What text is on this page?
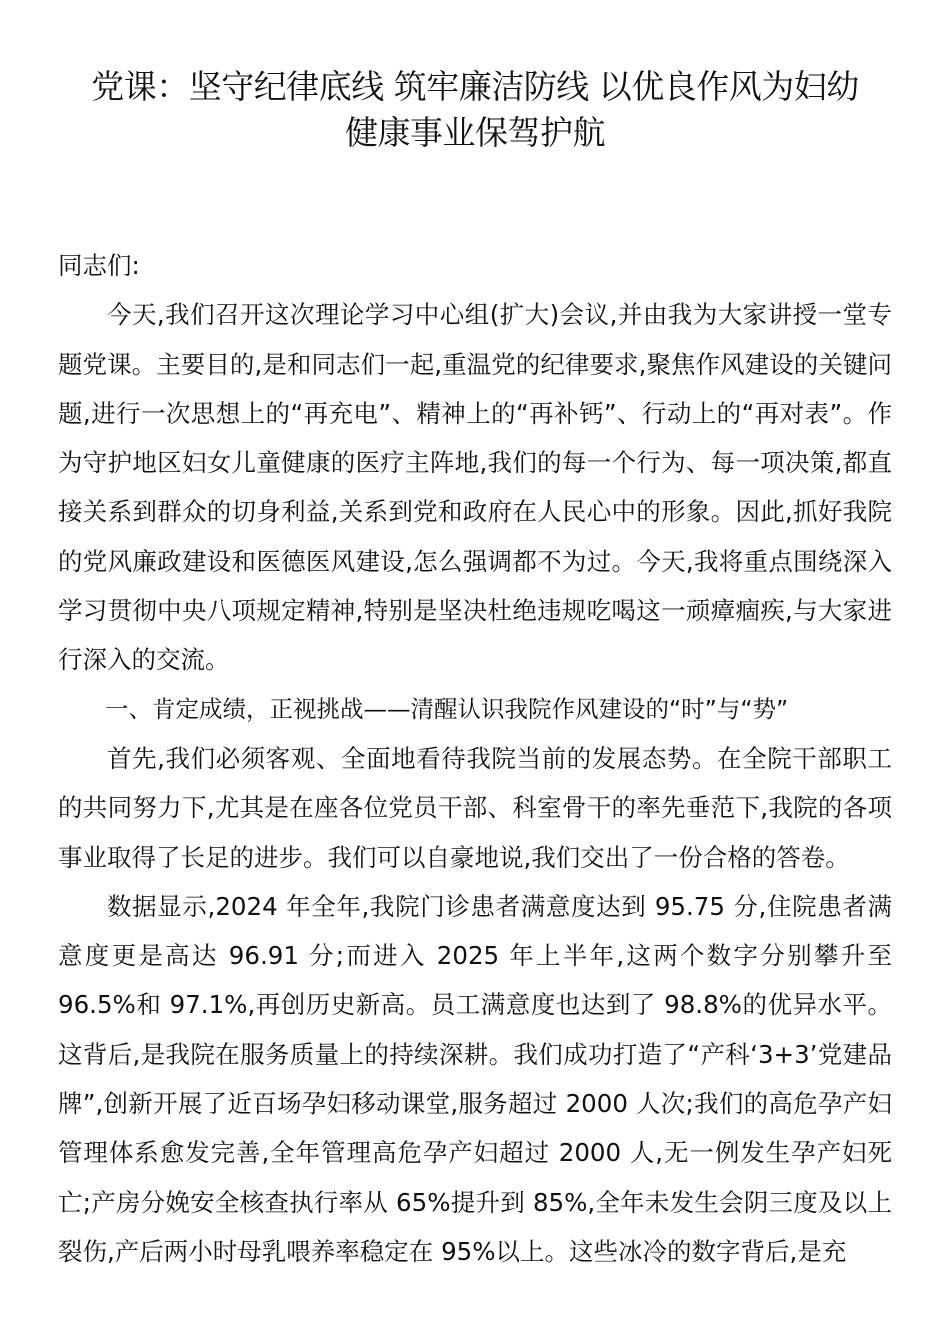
党课：坚守纪律底线 筑牢廉洁防线 以优良作风为妇幼
健康事业保驾护航

同志们:

今天,我们召开这次理论学习中心组(扩大)会议,并由我为大家讲授一堂专题党课。主要目的,是和同志们一起,重温党的纪律要求,聚焦作风建设的关键问题,进行一次思想上的“再充电”、精神上的“再补钙”、行动上的“再对表”。作为守护地区妇女儿童健康的医疗主阵地,我们的每一个行为、每一项决策,都直接关系到群众的切身利益,关系到党和政府在人民心中的形象。因此,抓好我院的党风廉政建设和医德医风建设,怎么强调都不为过。今天,我将重点围绕深入学习贯彻中央八项规定精神,特别是坚决杜绝违规吃喝这一顽瘴痼疾,与大家进行深入的交流。

一、肯定成绩，正视挑战——清醒认识我院作风建设的“时”与“势”

首先,我们必须客观、全面地看待我院当前的发展态势。在全院干部职工的共同努力下,尤其是在座各位党员干部、科室骨干的率先垂范下,我院的各项事业取得了长足的进步。我们可以自豪地说,我们交出了一份合格的答卷。

数据显示,2024 年全年,我院门诊患者满意度达到 95.75 分,住院患者满意度更是高达 96.91 分;而进入 2025 年上半年,这两个数字分别攀升至 96.5%和 97.1%,再创历史新高。员工满意度也达到了 98.8%的优异水平。这背后,是我院在服务质量上的持续深耕。我们成功打造了“产科‘3+3’党建品牌”,创新开展了近百场孕妇移动课堂,服务超过 2000 人次;我们的高危孕产妇管理体系愈发完善,全年管理高危孕产妇超过 2000 人,无一例发生孕产妇死亡;产房分娩安全核查执行率从 65%提升到 85%,全年未发生会阴三度及以上裂伤,产后两小时母乳喂养率稳定在 95%以上。这些冰冷的数字背后,是充
